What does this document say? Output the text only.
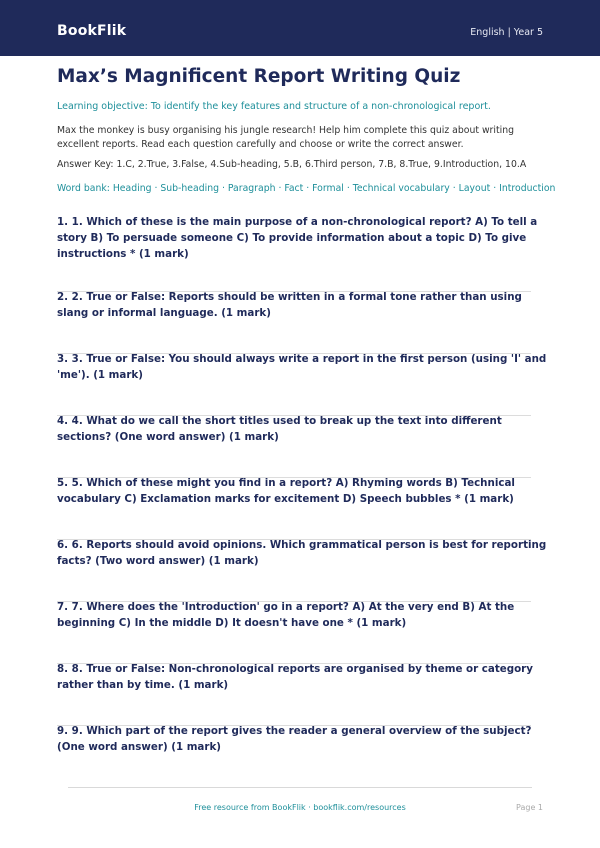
BookFlik	English | Year 5
Max’s Magnificent Report Writing Quiz
Learning objective: To identify the key features and structure of a non-chronological report.
Max the monkey is busy organising his jungle research! Help him complete this quiz about writing excellent reports. Read each question carefully and choose or write the correct answer.
Answer Key: 1.C, 2.True, 3.False, 4.Sub-heading, 5.B, 6.Third person, 7.B, 8.True, 9.Introduction, 10.A
Word bank: Heading · Sub-heading · Paragraph · Fact · Formal · Technical vocabulary · Layout · Introduction
1. 1. Which of these is the main purpose of a non-chronological report? A) To tell a story B) To persuade someone C) To provide information about a topic D) To give instructions * (1 mark)
2. 2. True or False: Reports should be written in a formal tone rather than using slang or informal language. (1 mark)
3. 3. True or False: You should always write a report in the first person (using 'I' and 'me'). (1 mark)
4. 4. What do we call the short titles used to break up the text into different sections? (One word answer) (1 mark)
5. 5. Which of these might you find in a report? A) Rhyming words B) Technical vocabulary C) Exclamation marks for excitement D) Speech bubbles * (1 mark)
6. 6. Reports should avoid opinions. Which grammatical person is best for reporting facts? (Two word answer) (1 mark)
7. 7. Where does the 'Introduction' go in a report? A) At the very end B) At the beginning C) In the middle D) It doesn't have one * (1 mark)
8. 8. True or False: Non-chronological reports are organised by theme or category rather than by time. (1 mark)
9. 9. Which part of the report gives the reader a general overview of the subject? (One word answer) (1 mark)
Free resource from BookFlik · bookflik.com/resources	Page 1
